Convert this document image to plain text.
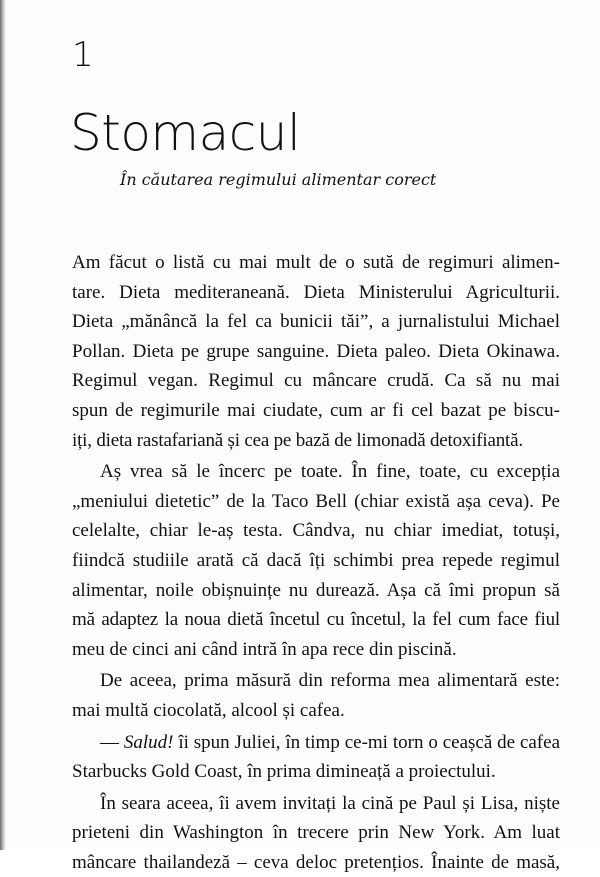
1
Stomacul
În căutarea regimului alimentar corect
Am făcut o listă cu mai mult de o sută de regimuri alimen-
tare. Dieta mediteraneană. Dieta Ministerului Agriculturii.
Dieta „mănâncă la fel ca bunicii tăi”, a jurnalistului Michael
Pollan. Dieta pe grupe sanguine. Dieta paleo. Dieta Okinawa.
Regimul vegan. Regimul cu mâncare crudă. Ca să nu mai
spun de regimurile mai ciudate, cum ar fi cel bazat pe biscu-
iți, dieta rastafariană și cea pe bază de limonadă detoxifiantă.
Aș vrea să le încerc pe toate. În fine, toate, cu excepția
„meniului dietetic” de la Taco Bell (chiar există așa ceva). Pe
celelalte, chiar le-aș testa. Cândva, nu chiar imediat, totuși,
fiindcă studiile arată că dacă îți schimbi prea repede regimul
alimentar, noile obișnuințe nu durează. Așa că îmi propun să
mă adaptez la noua dietă încetul cu încetul, la fel cum face fiul
meu de cinci ani când intră în apa rece din piscină.
De aceea, prima măsură din reforma mea alimentară este:
mai multă ciocolată, alcool și cafea.
— Salud! îi spun Juliei, în timp ce-mi torn o ceașcă de cafea
Starbucks Gold Coast, în prima dimineață a proiectului.
În seara aceea, îi avem invitați la cină pe Paul și Lisa, niște
prieteni din Washington în trecere prin New York. Am luat
mâncare thailandeză – ceva deloc pretențios. Înainte de masă,
